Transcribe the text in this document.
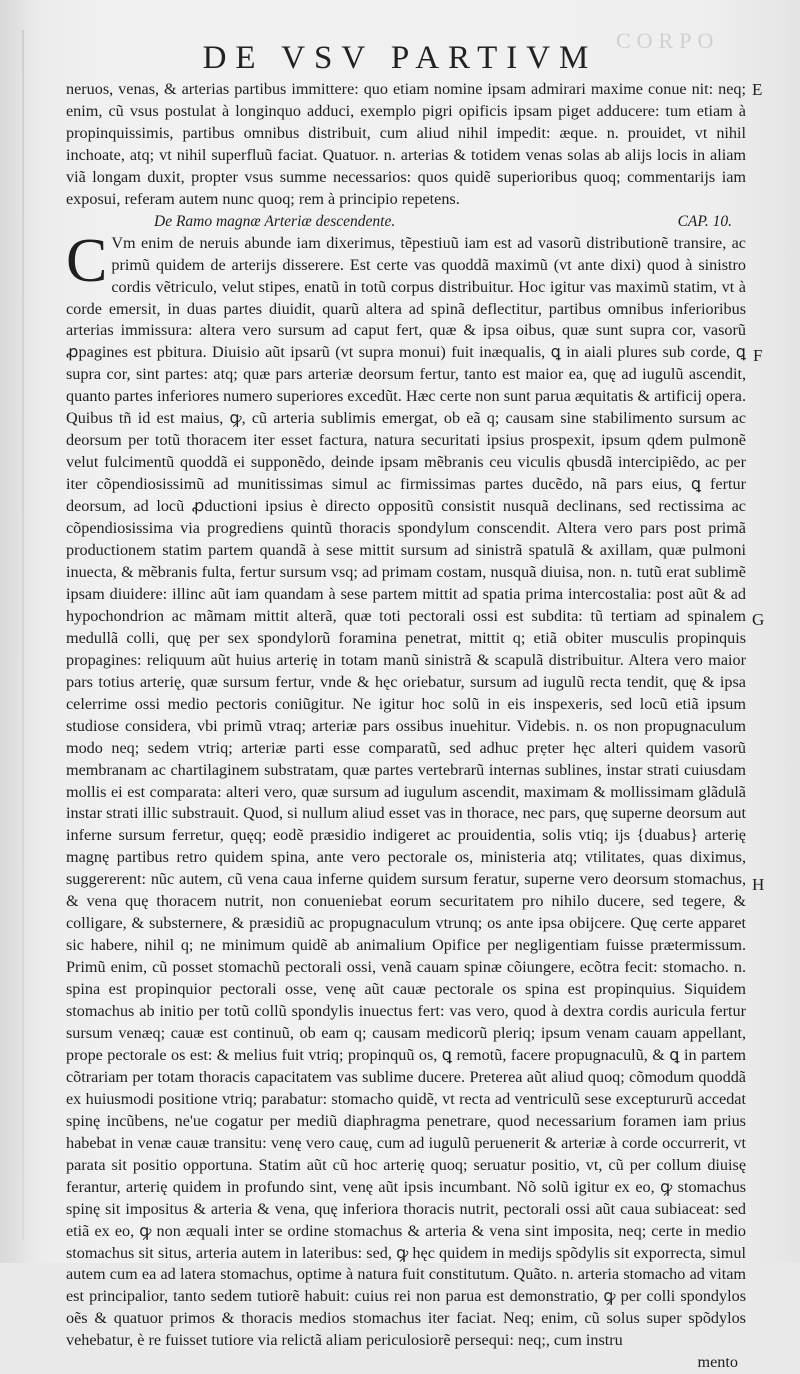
CORPO
DE VSV PARTIVM

neruos, venas, & arterias partibus immittere: quo etiam nomine ipsam admirari maxime conue nit: neq; enim, cũ vsus postulat à longinquo adduci, exemplo pigri opificis ipsam piget adducere: tum etiam à propinquissimis, partibus omnibus distribuit, cum aliud nihil impedit: æque. n. prouidet, vt nihil inchoate, atq; vt nihil superfluũ faciat. Quatuor. n. arterias & totidem venas solas ab alijs locis in aliam viã longam duxit, propter vsus summe necessarios: quos quidẽ superioribus quoq; commentarijs iam exposui, referam autem nunc quoq; rem à principio repetens.

De Ramo magnæ Arteriæ descendente.	CAP. 10.

C Vm enim de neruis abunde iam dixerimus, tẽpestiuũ iam est ad vasorũ distributionẽ transire, ac primũ quidem de arterijs disserere. Est certe vas quoddã maximũ (vt ante dixi) quod à sinistro cordis vẽtriculo, velut stipes, enatũ in totũ corpus distribuitur. Hoc igitur vas maximũ statim, vt à corde emersit, in duas partes diuidit, quarũ altera ad spinã deflectitur, partibus omnibus inferioribus arterias immissura: altera vero sursum ad caput fert, quæ & ipsa oibus, quæ sunt supra cor, vasorũ ꝓpagines est pbitura. Diuisio aũt ipsarũ (vt supra monui) fuit inæqualis, ꝗ in aiali plures sub corde, ꝗ supra cor, sint partes: atq; quæ pars arteriæ deorsum fertur, tanto est maior ea, quę ad iugulũ ascendit, quanto partes inferiores numero superiores excedũt. Hæc certe non sunt parua æquitatis & artificij opera. Quibus tñ id est maius, ꝙ, cũ arteria sublimis emergat, ob eã q; causam sine stabilimento sursum ac deorsum per totũ thoracem iter esset factura, natura securitati ipsius prospexit, ipsum qdem pulmonẽ velut fulcimentũ quoddã ei supponẽdo, deinde ipsam mẽbranis ceu viculis qbusdã intercipiẽdo, ac per iter cõpendiosissimũ ad munitissimas simul ac firmissimas partes ducẽdo, nã pars eius, ꝗ fertur deorsum, ad locũ ꝓductioni ipsius è directo oppositũ consistit nusquã declinans, sed rectissima ac cõpendiosissima via progrediens quintũ thoracis spondylum conscendit. Altera vero pars post primã productionem statim partem quandã à sese mittit sursum ad sinistrã spatulã & axillam, quæ pulmoni inuecta, & mẽbranis fulta, fertur sursum vsq; ad primam costam, nusquã diuisa, non. n. tutũ erat sublimẽ ipsam diuidere: illinc aũt iam quandam à sese partem mittit ad spatia prima intercostalia: post aũt & ad hypochondrion ac mãmam mittit alterã, quæ toti pectorali ossi est subdita: tũ tertiam ad spinalem medullã colli, quę per sex spondylorũ foramina penetrat, mittit q; etiã obiter musculis propinquis propagines: reliquum aũt huius arterię in totam manũ sinistrã & scapulã distribuitur. Altera vero maior pars totius arterię, quæ sursum fertur, vnde & hęc oriebatur, sursum ad iugulũ recta tendit, quę & ipsa celerrime ossi medio pectoris coniũgitur. Ne igitur hoc solũ in eis inspexeris, sed locũ etiã ipsum studiose considera, vbi primũ vtraq; arteriæ pars ossibus inuehitur. Videbis. n. os non propugnaculum modo neq; sedem vtriq; arteriæ parti esse comparatũ, sed adhuc prẹter hęc alteri quidem vasorũ membranam ac chartilaginem substratam, quæ partes vertebrarũ internas sublines, instar strati cuiusdam mollis ei est comparata: alteri vero, quæ sursum ad iugulum ascendit, maximam & mollissimam glãdulã instar strati illic substrauit. Quod, si nullum aliud esset vas in thorace, nec pars, quę superne deorsum aut inferne sursum ferretur, quęq; eodẽ præsidio indigeret ac prouidentia, solis vtiq; ijs {duabus} arterię magnę partibus retro quidem spina, ante vero pectorale os, ministeria atq; vtilitates, quas diximus, suggererent: nũc autem, cũ vena caua inferne quidem sursum feratur, superne vero deorsum stomachus, & vena quę thoracem nutrit, non conueniebat eorum securitatem pro nihilo ducere, sed tegere, & colligare, & substernere, & præsidiũ ac propugnaculum vtrunq; os ante ipsa obijcere. Quę certe apparet sic habere, nihil q; ne minimum quidẽ ab animalium Opifice per negligentiam fuisse prætermissum. Primũ enim, cũ posset stomachũ pectorali ossi, venã cauam spinæ cõiungere, ecõtra fecit: stomacho. n. spina est propinquior pectorali osse, venę aũt cauæ pectorale os spina est propinquius. Siquidem stomachus ab initio per totũ collũ spondylis inuectus fert: vas vero, quod à dextra cordis auricula fertur sursum venæq; cauæ est continuũ, ob eam q; causam medicorũ pleriq; ipsum venam cauam appellant, prope pectorale os est: & melius fuit vtriq; propinquũ os, ꝗ remotũ, facere propugnaculũ, & ꝗ in partem cõtrariam per totam thoracis capacitatem vas sublime ducere. Preterea aũt aliud quoq; cõmodum quoddã ex huiusmodi positione vtriq; parabatur: stomacho quidẽ, vt recta ad ventriculũ sese exceptururũ accedat spinę incũbens, ne'ue cogatur per mediũ diaphragma penetrare, quod necessarium foramen iam prius habebat in venæ cauæ transitu: venę vero cauę, cum ad iugulũ peruenerit & arteriæ à corde occurrerit, vt parata sit positio opportuna. Statim aũt cũ hoc arterię quoq; seruatur positio, vt, cũ per collum diuisę ferantur, arterię quidem in profundo sint, venę aũt ipsis incumbant. Nõ solũ igitur ex eo, ꝙ stomachus spinę sit impositus & arteria & vena, quę inferiora thoracis nutrit, pectorali ossi aũt caua subiaceat: sed etiã ex eo, ꝙ non æquali inter se ordine stomachus & arteria & vena sint imposita, neq; certe in medio stomachus sit situs, arteria autem in lateribus: sed, ꝙ hęc quidem in medijs spõdylis sit exporrecta, simul autem cum ea ad latera stomachus, optime à natura fuit constitutum. Quãto. n. arteria stomacho ad vitam est principalior, tanto sedem tutiorẽ habuit: cuius rei non parua est demonstratio, ꝙ per colli spondylos oẽs & quatuor primos & thoracis medios stomachus iter faciat. Neq; enim, cũ solus super spõdylos vehebatur, è re fuisset tutiore via relictã aliam periculosiorẽ persequi: neq;, cum instru

mento
E
F
G
H
